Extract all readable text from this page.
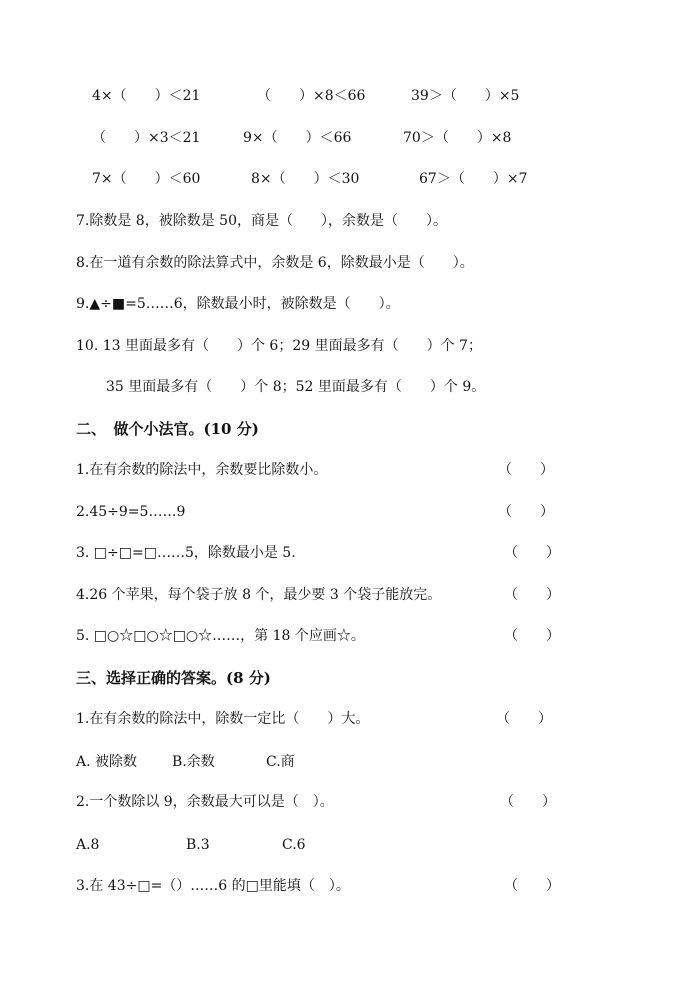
4×（　　）＜21

	（　　）×8＜66

	39＞（　　）×5

（　　）×3＜21

	9×（　　）＜66

	70＞（　　）×8

7×（　　）＜60

	8×（　　）＜30

	67＞（　　）×7

7.除数是 8，被除数是 50，商是（　　），余数是（　　）。

8.在一道有余数的除法算式中，余数是 6，除数最小是（　　）。

9.▲÷■=5……6，除数最小时，被除数是（　　）。

10. 13 里面最多有（　　）个 6；29 里面最多有（　　）个 7；

35 里面最多有（　　）个 8；52 里面最多有（　　）个 9。

二、　做个小法官。(10 分)

1.在有余数的除法中，余数要比除数小。

	（　　）

2.45÷9=5……9

	（　　）

3. □÷□=□……5，除数最小是 5.

	（　　）

4.26 个苹果，每个袋子放 8 个，最少要 3 个袋子能放完。

	（　　）

5. □○☆□○☆□○☆……，第 18 个应画☆。

	（　　）

三、选择正确的答案。(8 分)

1.在有余数的除法中，除数一定比（　　）大。

	（　　）

A. 被除数

B.余数

	C.商

2.一个数除以 9，余数最大可以是（　）。

	（　　）

A.8

	B.3

	C.6

3.在 43÷□=（）……6 的□里能填（　）。

	（　　）
